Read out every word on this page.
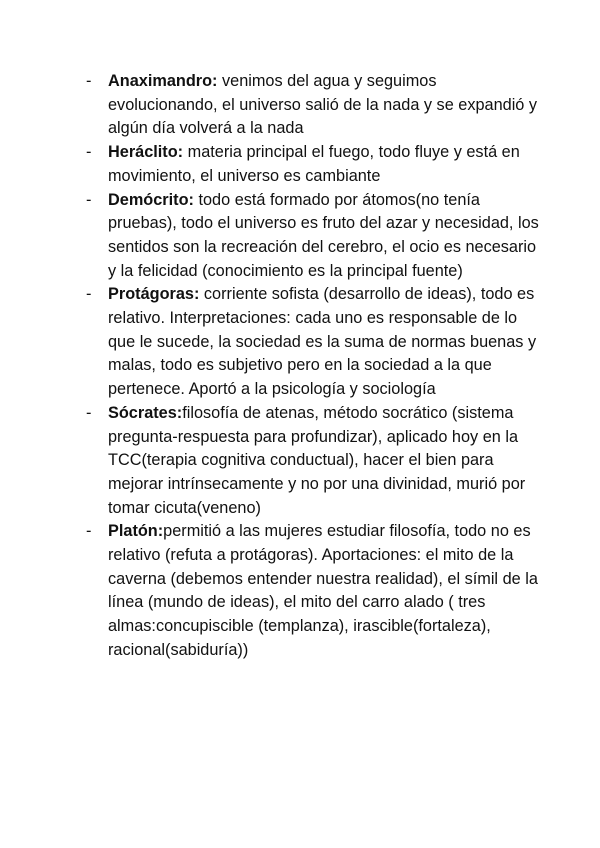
-	Anaximandro: venimos del agua y seguimos evolucionando, el universo salió de la nada y se expandió y algún día volverá a la nada
-	Heráclito: materia principal el fuego, todo fluye y está en movimiento, el universo es cambiante
-	Demócrito: todo está formado por átomos(no tenía pruebas), todo el universo es fruto del azar y necesidad, los sentidos son la recreación del cerebro, el ocio es necesario y la felicidad (conocimiento es la principal fuente)
-	Protágoras: corriente sofista (desarrollo de ideas), todo es relativo. Interpretaciones: cada uno es responsable de lo que le sucede, la sociedad es la suma de normas buenas y malas, todo es subjetivo pero en la sociedad a la que pertenece. Aportó a la psicología y sociología
-	Sócrates:filosofía de atenas, método socrático (sistema pregunta-respuesta para profundizar), aplicado hoy en la TCC(terapia cognitiva conductual), hacer el bien para mejorar intrínsecamente y no por una divinidad, murió por tomar cicuta(veneno)
-	Platón:permitió a las mujeres estudiar filosofía, todo no es relativo (refuta a protágoras). Aportaciones: el mito de la caverna (debemos entender nuestra realidad), el símil de la línea (mundo de ideas), el mito del carro alado ( tres almas:concupiscible (templanza), irascible(fortaleza), racional(sabiduría))
